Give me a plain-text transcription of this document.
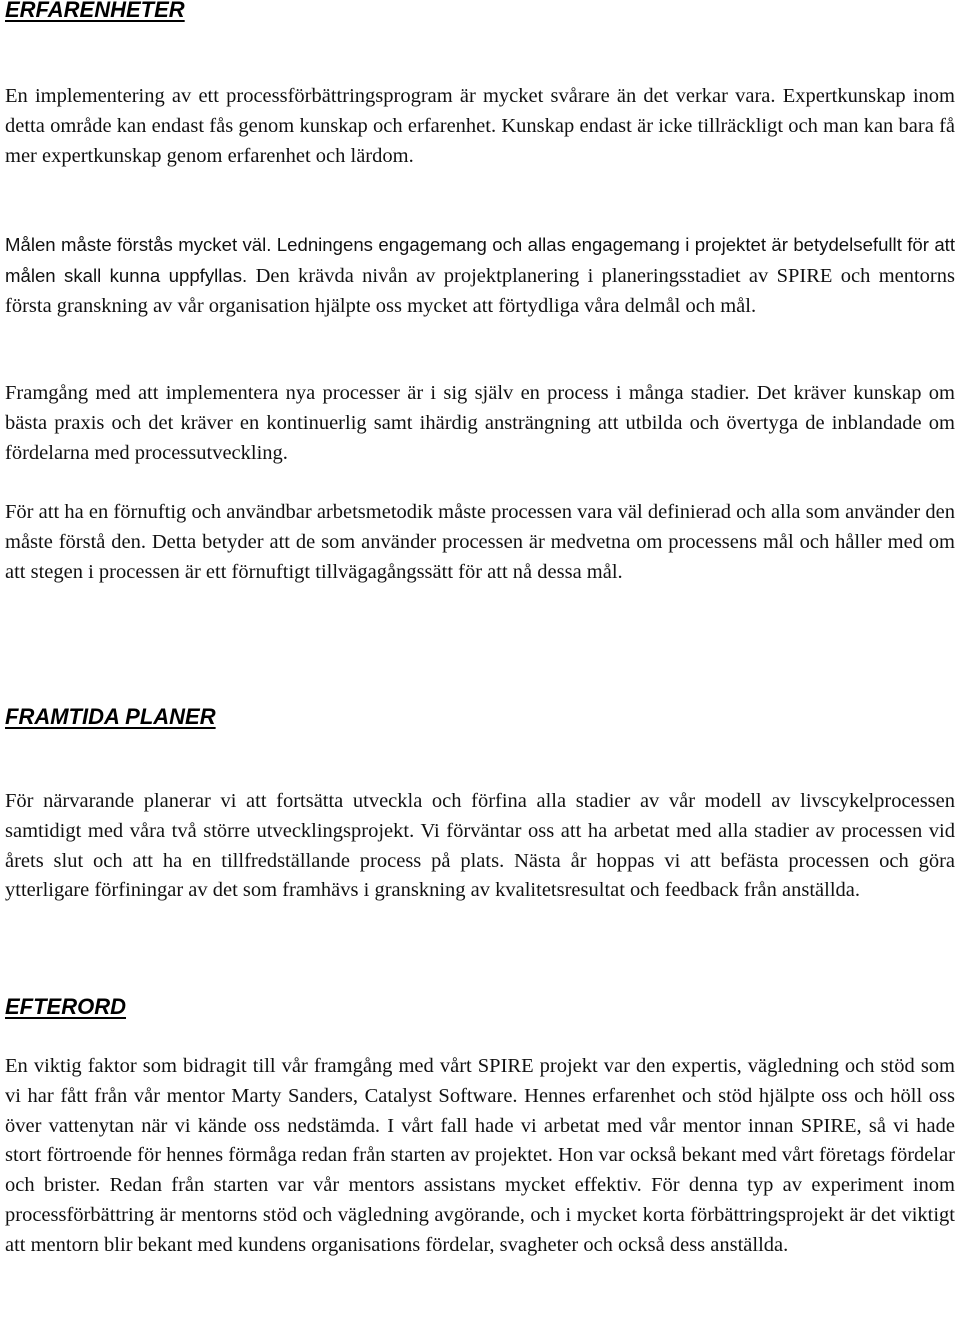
ERFARENHETER

En implementering av ett processförbättringsprogram är mycket svårare än det verkar vara. Expertkunskap inom detta område kan endast fås genom kunskap och erfarenhet. Kunskap endast är icke tillräckligt och man kan bara få mer expertkunskap genom erfarenhet och lärdom.

Målen måste förstås mycket väl. Ledningens engagemang och allas engagemang i projektet är betydelsefullt för att målen skall kunna uppfyllas. Den krävda nivån av projektplanering i planeringsstadiet av SPIRE och mentorns första granskning av vår organisation hjälpte oss mycket att förtydliga våra delmål och mål.

Framgång med att implementera nya processer är i sig själv en process i många stadier. Det kräver kunskap om bästa praxis och det kräver en kontinuerlig samt ihärdig ansträngning att utbilda och övertyga de inblandade om fördelarna med processutveckling.

För att ha en förnuftig och användbar arbetsmetodik måste processen vara väl definierad och alla som använder den måste förstå den. Detta betyder att de som använder processen är medvetna om processens mål och håller med om att stegen i processen är ett förnuftigt tillvägagångssätt för att nå dessa mål.

FRAMTIDA PLANER

För närvarande planerar vi att fortsätta utveckla och förfina alla stadier av vår modell av livscykelprocessen samtidigt med våra två större utvecklingsprojekt. Vi förväntar oss att ha arbetat med alla stadier av processen vid årets slut och att ha en tillfredställande process på plats. Nästa år hoppas vi att befästa processen och göra ytterligare förfiningar av det som framhävs i granskning av kvalitetsresultat och feedback från anställda.

EFTERORD

En viktig faktor som bidragit till vår framgång med vårt SPIRE projekt var den expertis, vägledning och stöd som vi har fått från vår mentor Marty Sanders, Catalyst Software. Hennes erfarenhet och stöd hjälpte oss och höll oss över vattenytan när vi kände oss nedstämda. I vårt fall hade vi arbetat med vår mentor innan SPIRE, så vi hade stort förtroende för hennes förmåga redan från starten av projektet. Hon var också bekant med vårt företags fördelar och brister. Redan från starten var vår mentors assistans mycket effektiv. För denna typ av experiment inom processförbättring är mentorns stöd och vägledning avgörande, och i mycket korta förbättringsprojekt är det viktigt att mentorn blir bekant med kundens organisations fördelar, svagheter och också dess anställda.
